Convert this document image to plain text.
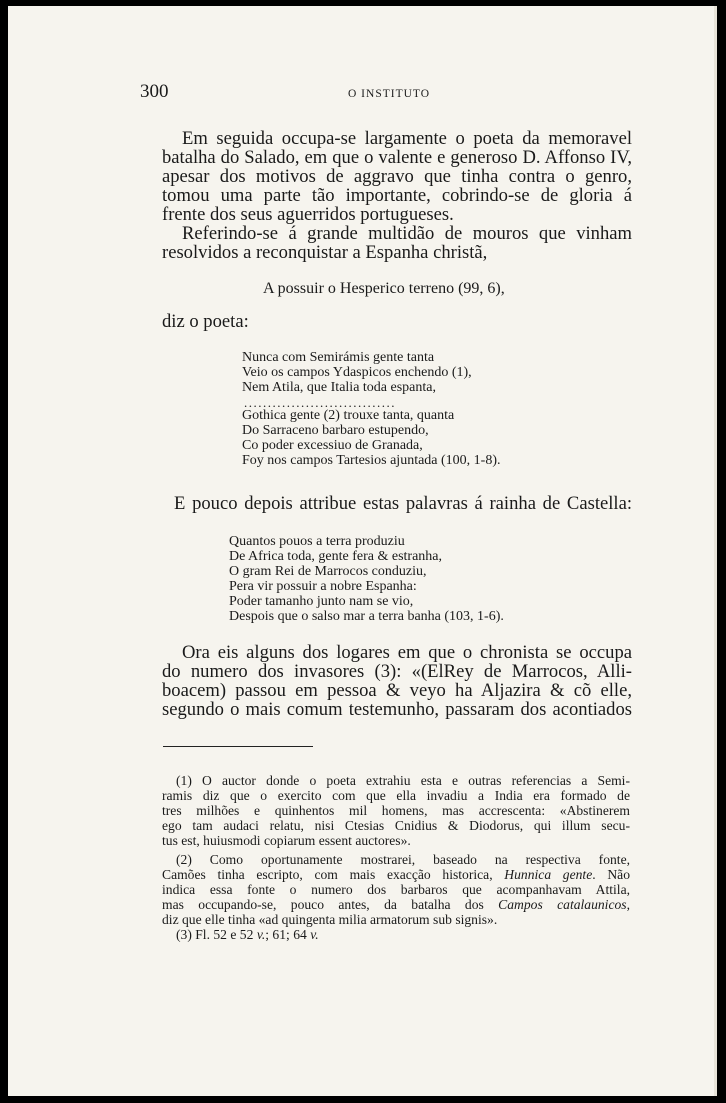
300	O INSTITUTO
Em seguida occupa-se largamente o poeta da memoravel
batalha do Salado, em que o valente e generoso D. Affonso IV,
apesar dos motivos de aggravo que tinha contra o genro,
tomou uma parte tão importante, cobrindo-se de gloria á
frente dos seus aguerridos portugueses.
Referindo-se á grande multidão de mouros que vinham
resolvidos a reconquistar a Espanha christã,
A possuir o Hesperico terreno (99, 6),
diz o poeta:
Nunca com Semirámis gente tanta
Veio os campos Ydaspicos enchendo (1),
Nem Atila, que Italia toda espanta,
................................
Gothica gente (2) trouxe tanta, quanta
Do Sarraceno barbaro estupendo,
Co poder excessiuo de Granada,
Foy nos campos Tartesios ajuntada (100, 1-8).
E pouco depois attribue estas palavras á rainha de Castella:
Quantos pouos a terra produziu
De Africa toda, gente fera & estranha,
O gram Rei de Marrocos conduziu,
Pera vir possuir a nobre Espanha:
Poder tamanho junto nam se vio,
Despois que o salso mar a terra banha (103, 1-6).
Ora eis alguns dos logares em que o chronista se occupa
do numero dos invasores (3): «(ElRey de Marrocos, Alli-
boacem) passou em pessoa & veyo ha Aljazira & cõ elle,
segundo o mais comum testemunho, passaram dos acontiados
(1) O auctor donde o poeta extrahiu esta e outras referencias a Semi-
ramis diz que o exercito com que ella invadiu a India era formado de
tres milhões e quinhentos mil homens, mas accrescenta: «Abstinerem
ego tam audaci relatu, nisi Ctesias Cnidius & Diodorus, qui illum secu-
tus est, huiusmodi copiarum essent auctores».
(2) Como oportunamente mostrarei, baseado na respectiva fonte,
Camões tinha escripto, com mais exacção historica, Hunnica gente. Não
indica essa fonte o numero dos barbaros que acompanhavam Attila,
mas occupando-se, pouco antes, da batalha dos Campos catalaunicos,
diz que elle tinha «ad quingenta milia armatorum sub signis».
(3) Fl. 52 e 52 v.; 61; 64 v.
